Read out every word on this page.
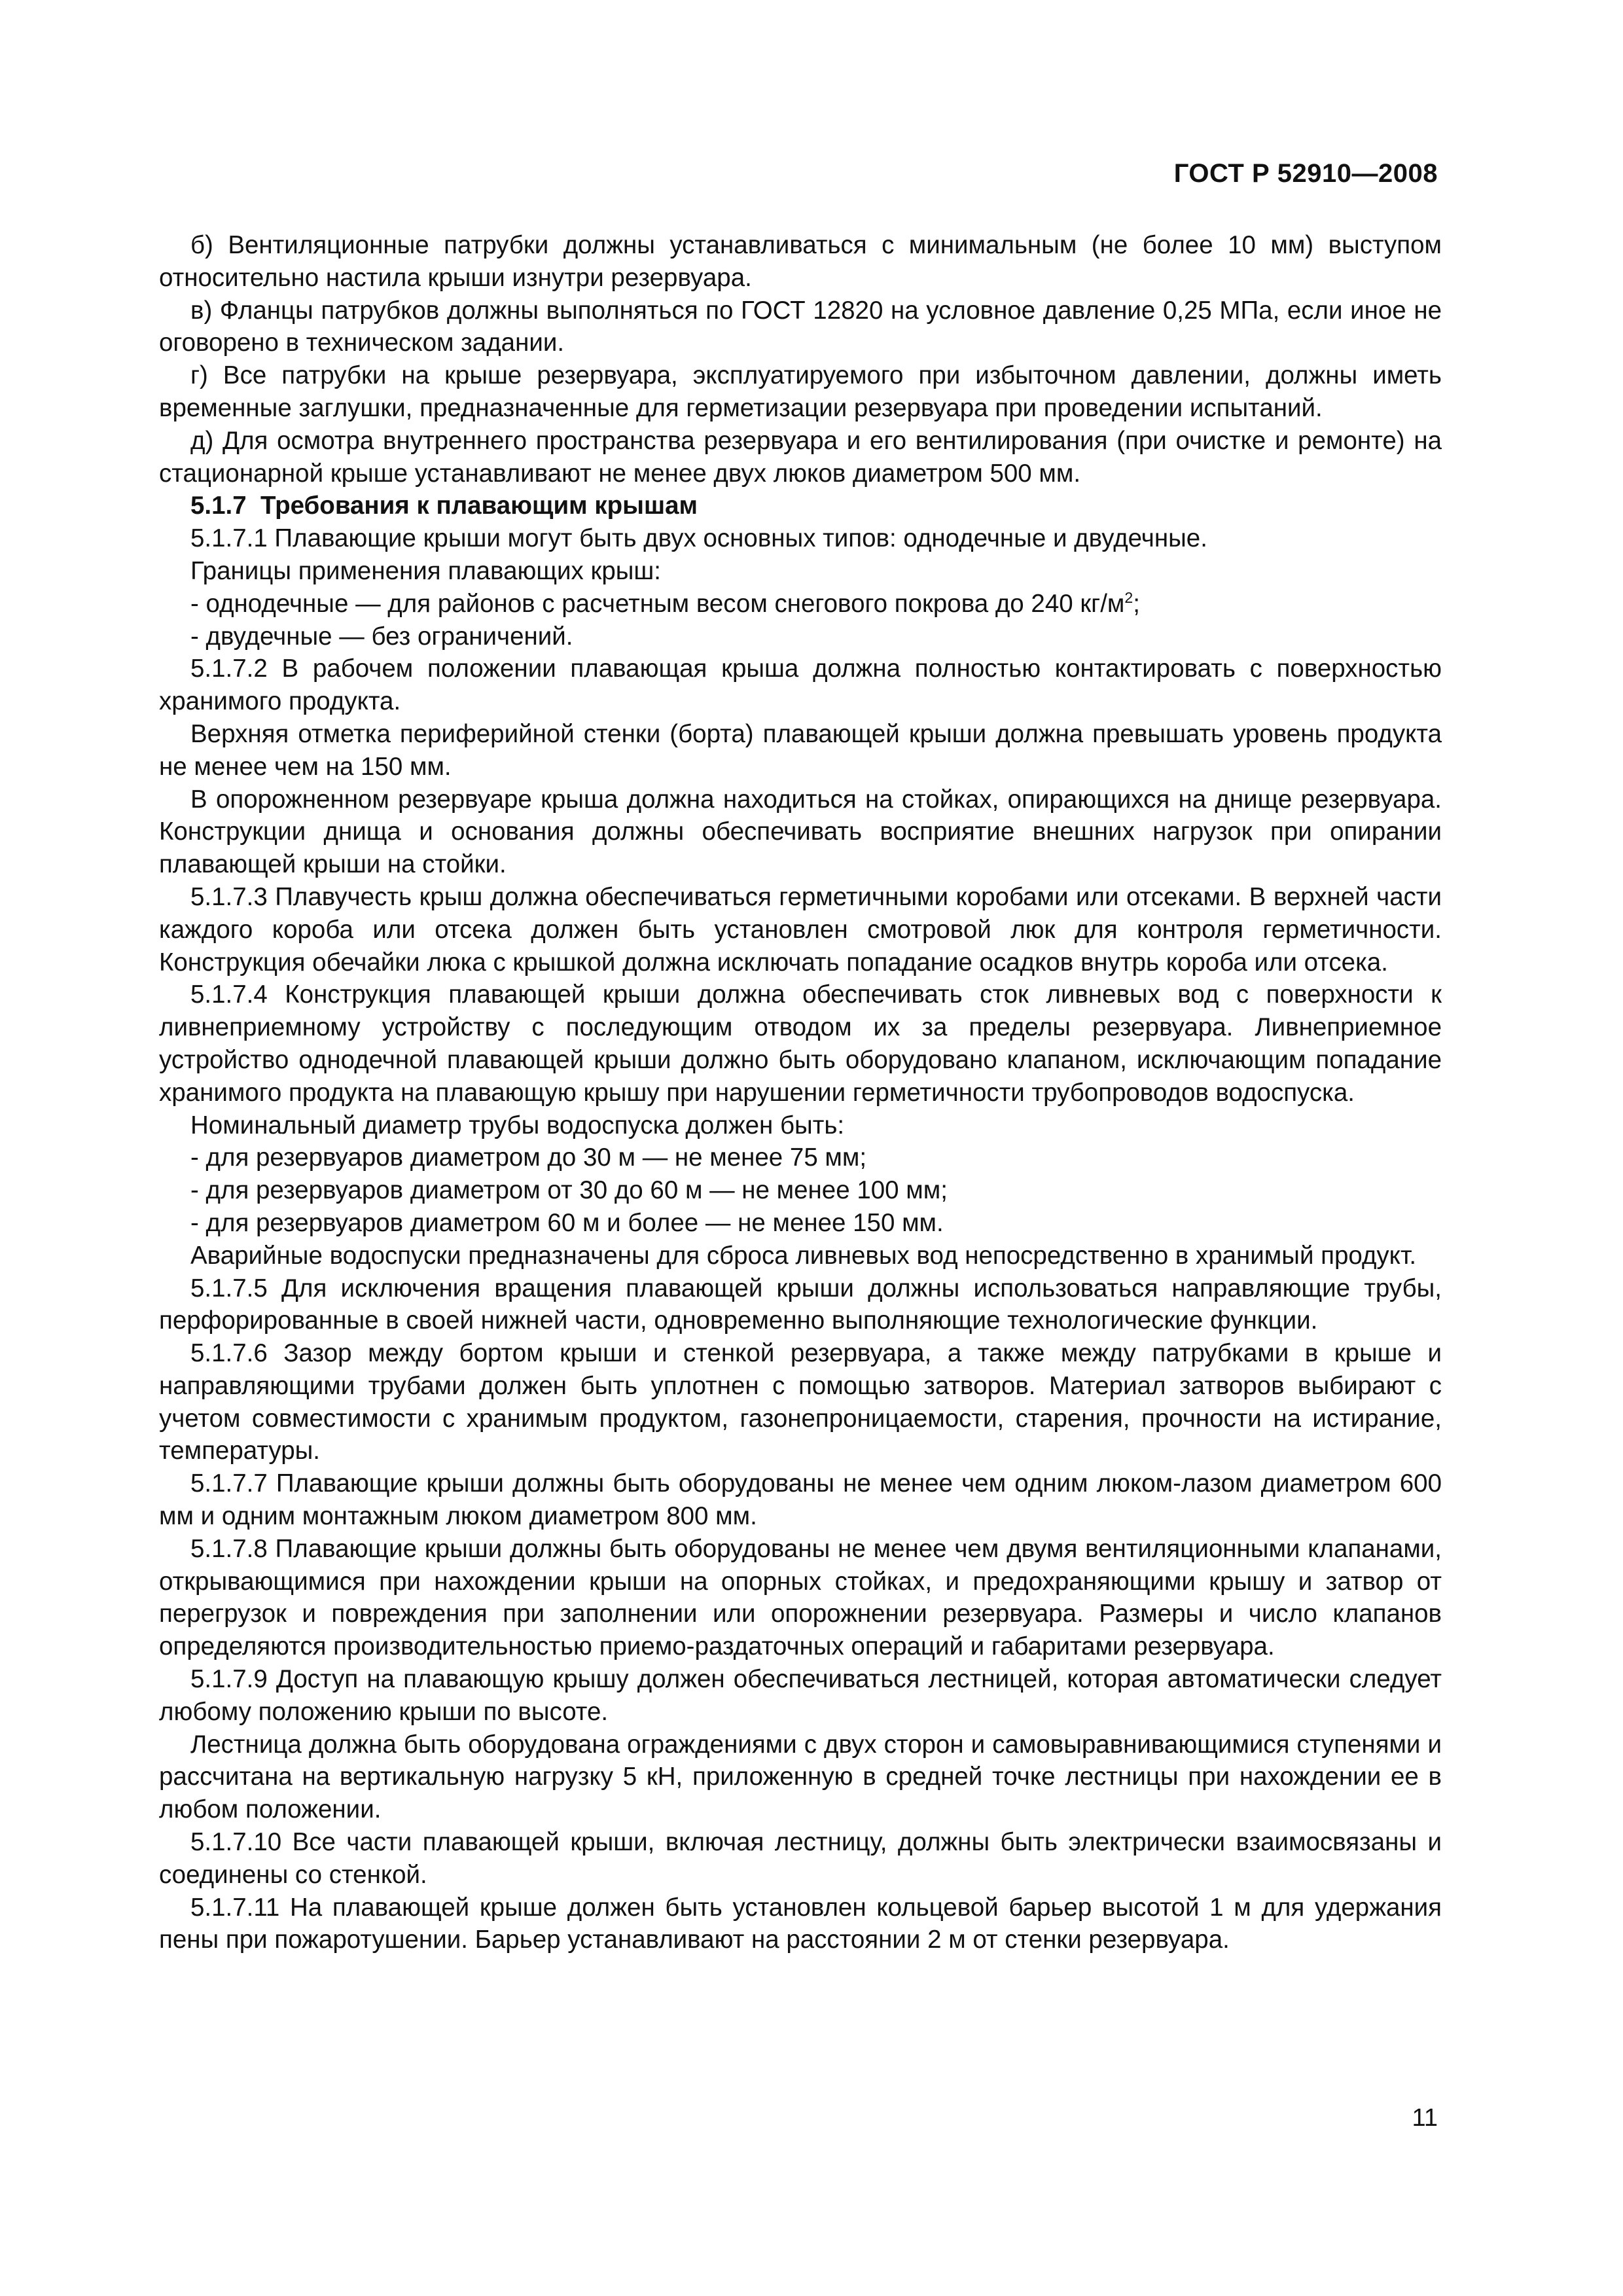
ГОСТ Р 52910—2008

б) Вентиляционные патрубки должны устанавливаться с минимальным (не более 10 мм) выступом относительно настила крыши изнутри резервуара.

в) Фланцы патрубков должны выполняться по ГОСТ 12820 на условное давление 0,25 МПа, если иное не оговорено в техническом задании.

г) Все патрубки на крыше резервуара, эксплуатируемого при избыточном давлении, должны иметь временные заглушки, предназначенные для герметизации резервуара при проведении испытаний.

д) Для осмотра внутреннего пространства резервуара и его вентилирования (при очистке и ремонте) на стационарной крыше устанавливают не менее двух люков диаметром 500 мм.

5.1.7 Требования к плавающим крышам

5.1.7.1 Плавающие крыши могут быть двух основных типов: однодечные и двудечные.

Границы применения плавающих крыш:

- однодечные — для районов с расчетным весом снегового покрова до 240 $кг/м^2$;

- двудечные — без ограничений.

5.1.7.2 В рабочем положении плавающая крыша должна полностью контактировать с поверхностью хранимого продукта.

Верхняя отметка периферийной стенки (борта) плавающей крыши должна превышать уровень продукта не менее чем на 150 мм.

В опорожненном резервуаре крыша должна находиться на стойках, опирающихся на днище резервуара. Конструкции днища и основания должны обеспечивать восприятие внешних нагрузок при опирании плавающей крыши на стойки.

5.1.7.3 Плавучесть крыш должна обеспечиваться герметичными коробами или отсеками. В верхней части каждого короба или отсека должен быть установлен смотровой люк для контроля герметичности. Конструкция обечайки люка с крышкой должна исключать попадание осадков внутрь короба или отсека.

5.1.7.4 Конструкция плавающей крыши должна обеспечивать сток ливневых вод с поверхности к ливнеприемному устройству с последующим отводом их за пределы резервуара. Ливнеприемное устройство однодечной плавающей крыши должно быть оборудовано клапаном, исключающим попадание хранимого продукта на плавающую крышу при нарушении герметичности трубопроводов водоспуска.

Номинальный диаметр трубы водоспуска должен быть:

- для резервуаров диаметром до 30 м — не менее 75 мм;

- для резервуаров диаметром от 30 до 60 м — не менее 100 мм;

- для резервуаров диаметром 60 м и более — не менее 150 мм.

Аварийные водоспуски предназначены для сброса ливневых вод непосредственно в хранимый продукт.

5.1.7.5 Для исключения вращения плавающей крыши должны использоваться направляющие трубы, перфорированные в своей нижней части, одновременно выполняющие технологические функции.

5.1.7.6 Зазор между бортом крыши и стенкой резервуара, а также между патрубками в крыше и направляющими трубами должен быть уплотнен с помощью затворов. Материал затворов выбирают с учетом совместимости с хранимым продуктом, газонепроницаемости, старения, прочности на истирание, температуры.

5.1.7.7 Плавающие крыши должны быть оборудованы не менее чем одним люком-лазом диаметром 600 мм и одним монтажным люком диаметром 800 мм.

5.1.7.8 Плавающие крыши должны быть оборудованы не менее чем двумя вентиляционными клапанами, открывающимися при нахождении крыши на опорных стойках, и предохраняющими крышу и затвор от перегрузок и повреждения при заполнении или опорожнении резервуара. Размеры и число клапанов определяются производительностью приемо-раздаточных операций и габаритами резервуара.

5.1.7.9 Доступ на плавающую крышу должен обеспечиваться лестницей, которая автоматически следует любому положению крыши по высоте.

Лестница должна быть оборудована ограждениями с двух сторон и самовыравнивающимися ступенями и рассчитана на вертикальную нагрузку 5 кН, приложенную в средней точке лестницы при нахождении ее в любом положении.

5.1.7.10 Все части плавающей крыши, включая лестницу, должны быть электрически взаимосвязаны и соединены со стенкой.

5.1.7.11 На плавающей крыше должен быть установлен кольцевой барьер высотой 1 м для удержания пены при пожаротушении. Барьер устанавливают на расстоянии 2 м от стенки резервуара.

11
